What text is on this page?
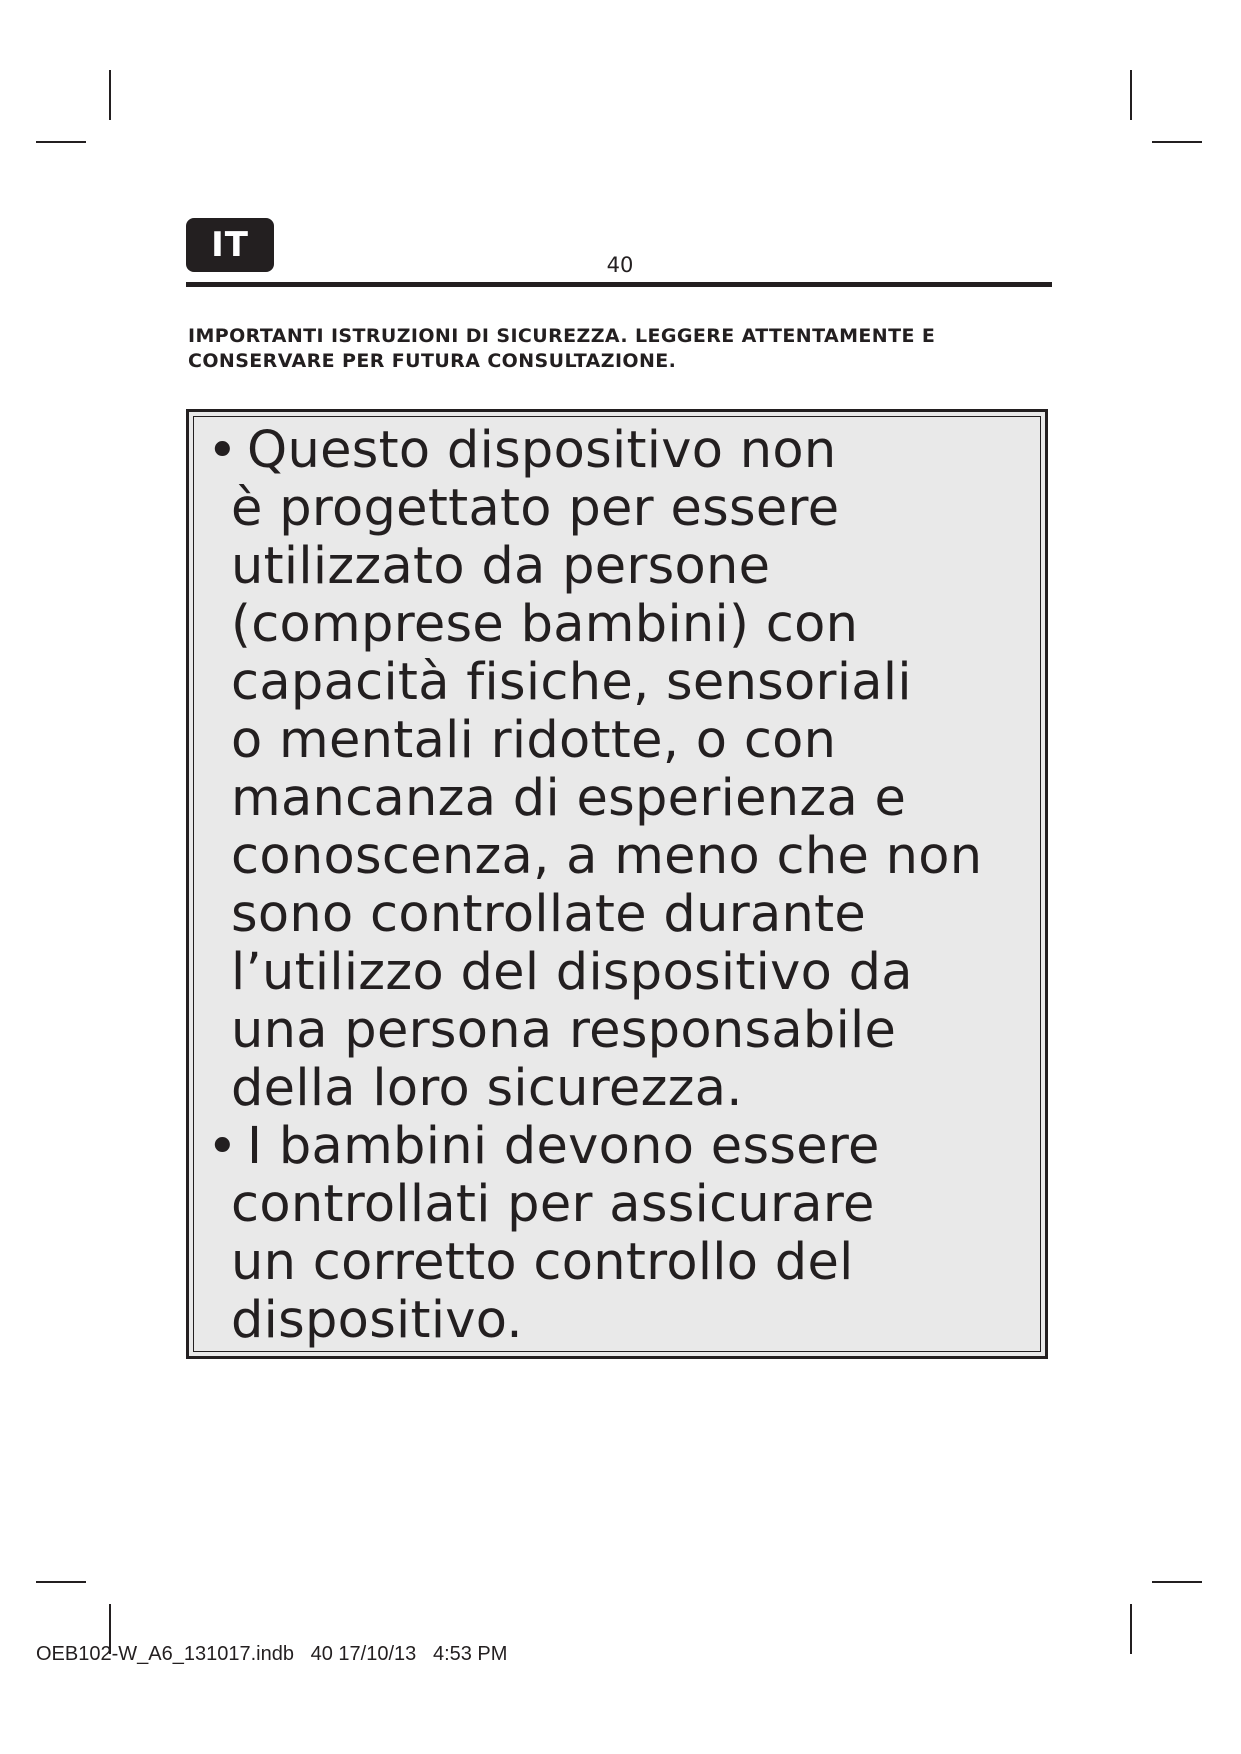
IT	40
IMPORTANTI ISTRUZIONI DI SICUREZZA. LEGGERE ATTENTAMENTE E
CONSERVARE PER FUTURA CONSULTAZIONE.
• Questo dispositivo non
è progettato per essere
utilizzato da persone
(comprese bambini) con
capacità fisiche, sensoriali
o mentali ridotte, o con
mancanza di esperienza e
conoscenza, a meno che non
sono controllate durante
l’utilizzo del dispositivo da
una persona responsabile
della loro sicurezza.
• I bambini devono essere
controllati per assicurare
un corretto controllo del
dispositivo.
OEB102-W_A6_131017.indb   40 17/10/13   4:53 PM
